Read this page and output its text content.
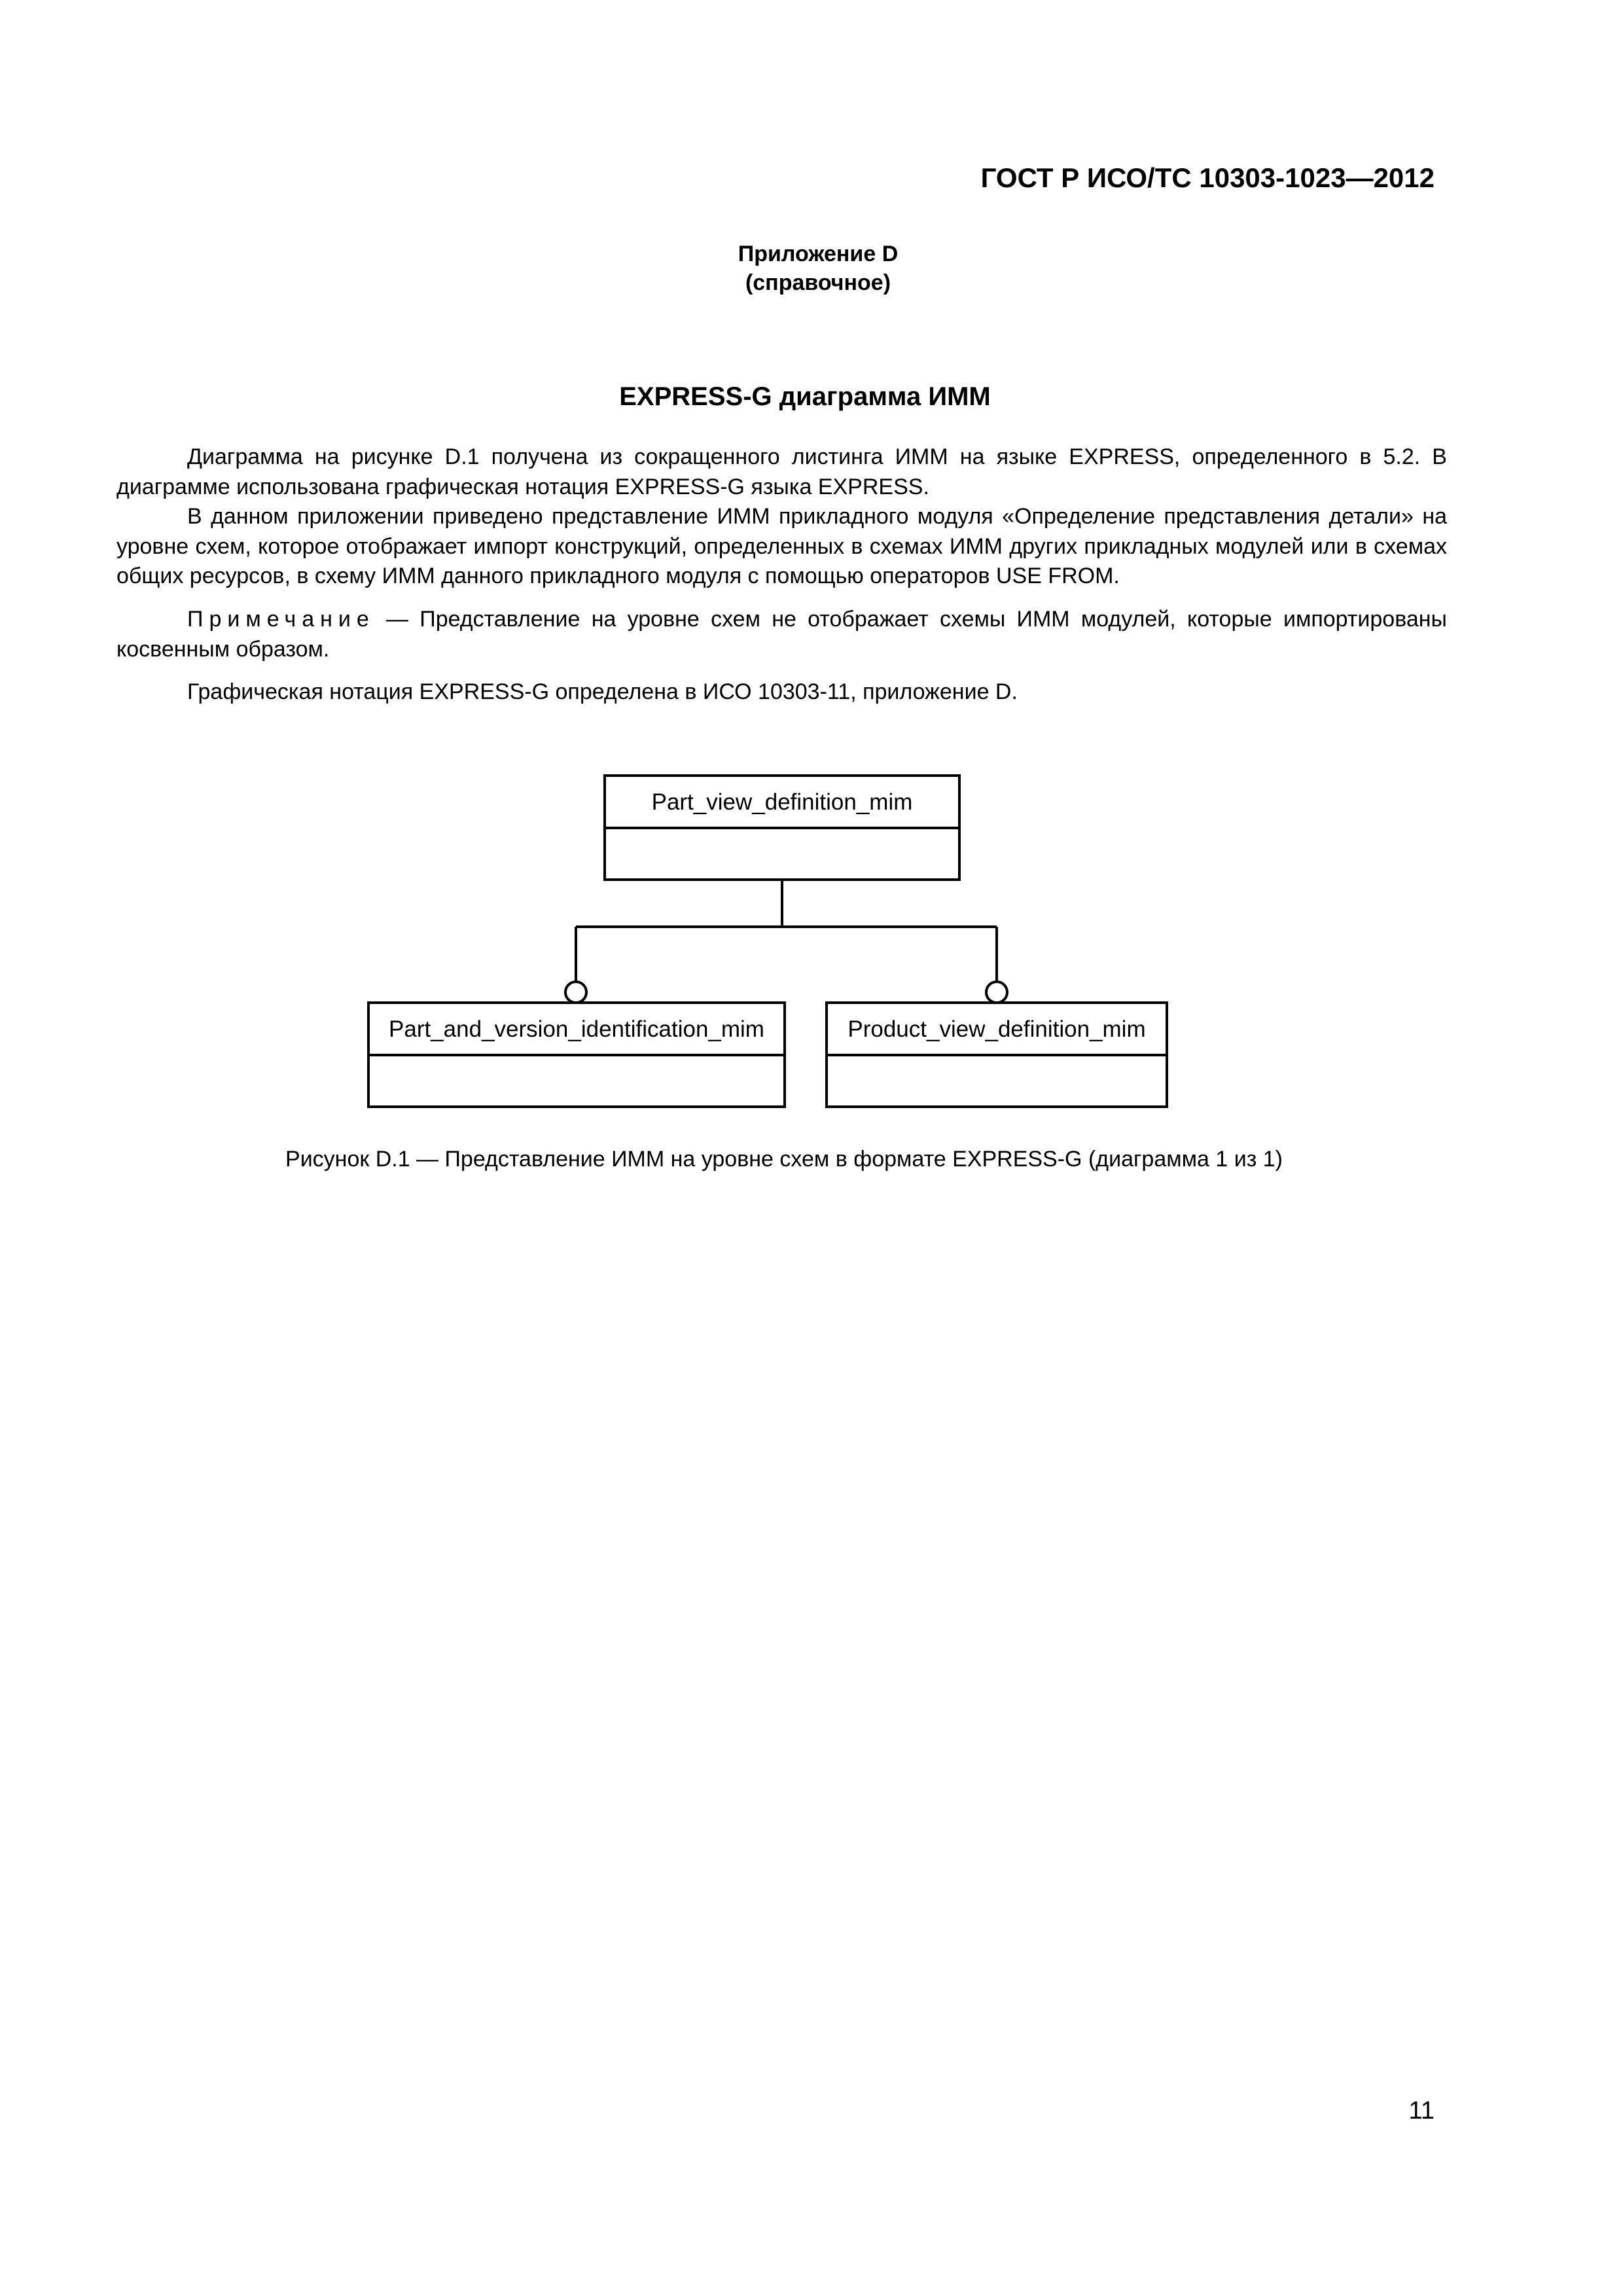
ГОСТ Р ИСО/ТС 10303-1023—2012
Приложение D
(справочное)
EXPRESS-G диаграмма ИММ

Диаграмма на рисунке D.1 получена из сокращенного листинга ИММ на языке EXPRESS, определенного в 5.2. В диаграмме использована графическая нотация EXPRESS-G языка EXPRESS.

В данном приложении приведено представление ИММ прикладного модуля «Определение представления детали» на уровне схем, которое отображает импорт конструкций, определенных в схемах ИММ других прикладных модулей или в схемах общих ресурсов, в схему ИММ данного прикладного модуля с помощью операторов USE FROM.

Примечание — Представление на уровне схем не отображает схемы ИММ модулей, которые импортированы косвенным образом.

Графическая нотация EXPRESS-G определена в ИСО 10303-11, приложение D.

Part_view_definition_mim
Part_and_version_identification_mim	Product_view_definition_mim
Рисунок D.1 — Представление ИММ на уровне схем в формате EXPRESS-G (диаграмма 1 из 1)
11
